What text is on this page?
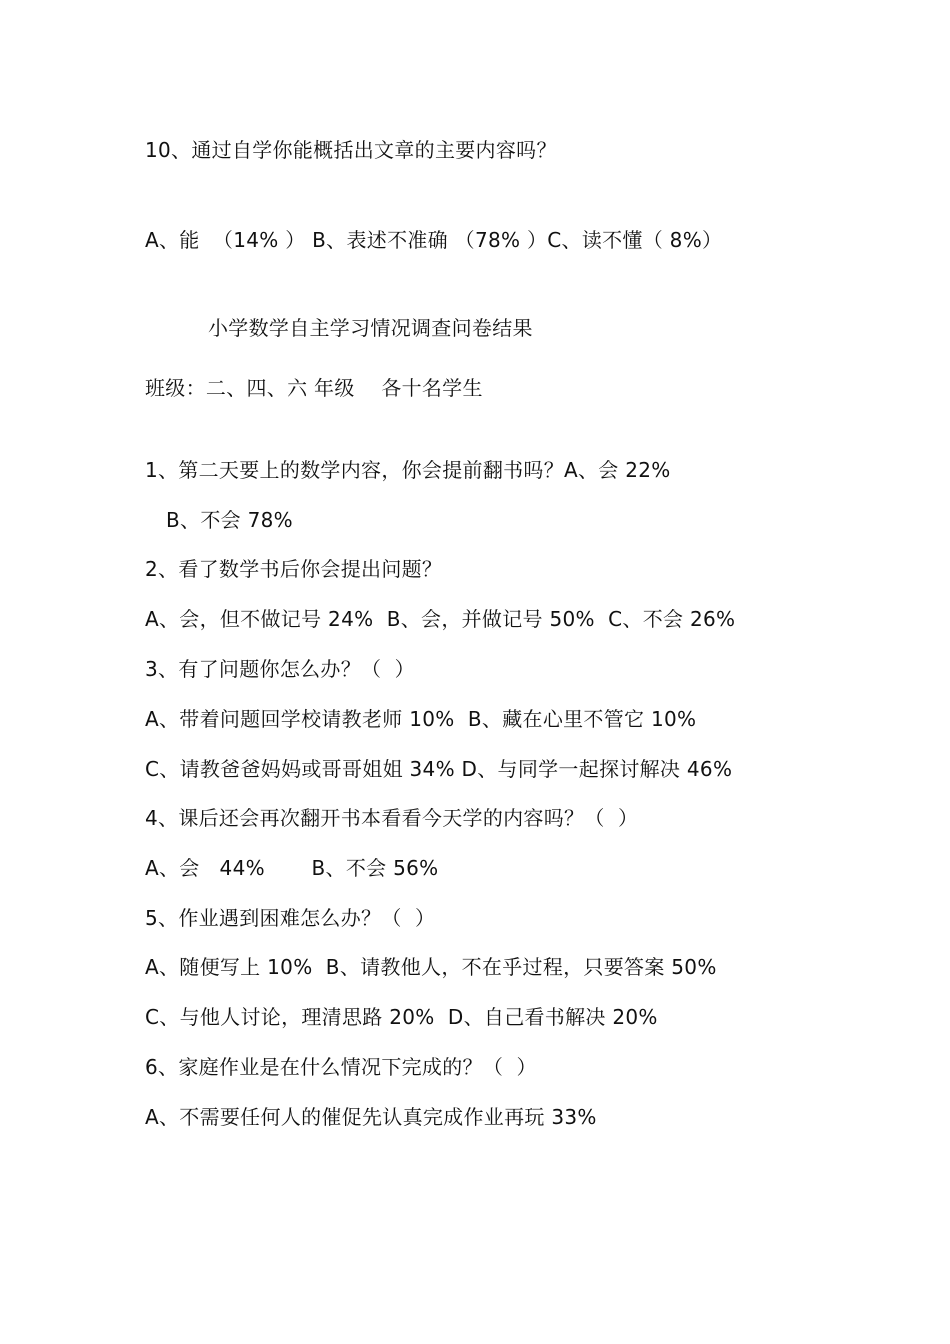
10、通过自学你能概括出文章的主要内容吗？
A、能  （14% ） B、表述不准确 （78% ）C、读不懂（ 8%）
小学数学自主学习情况调查问卷结果
班级：二、四、六 年级    各十名学生
1、第二天要上的数学内容，你会提前翻书吗？A、会 22%
B、不会 78%
2、看了数学书后你会提出问题？
A、会，但不做记号 24%  B、会，并做记号 50%  C、不会 26%
3、有了问题你怎么办？（  ）
A、带着问题回学校请教老师 10%  B、藏在心里不管它 10%
C、请教爸爸妈妈或哥哥姐姐 34% D、与同学一起探讨解决 46%
4、课后还会再次翻开书本看看今天学的内容吗？（  ）
A、会   44%       B、不会 56%
5、作业遇到困难怎么办？（  ）
A、随便写上 10%  B、请教他人，不在乎过程，只要答案 50%
C、与他人讨论，理清思路 20%  D、自己看书解决 20%
6、家庭作业是在什么情况下完成的？（  ）
A、不需要任何人的催促先认真完成作业再玩 33%
